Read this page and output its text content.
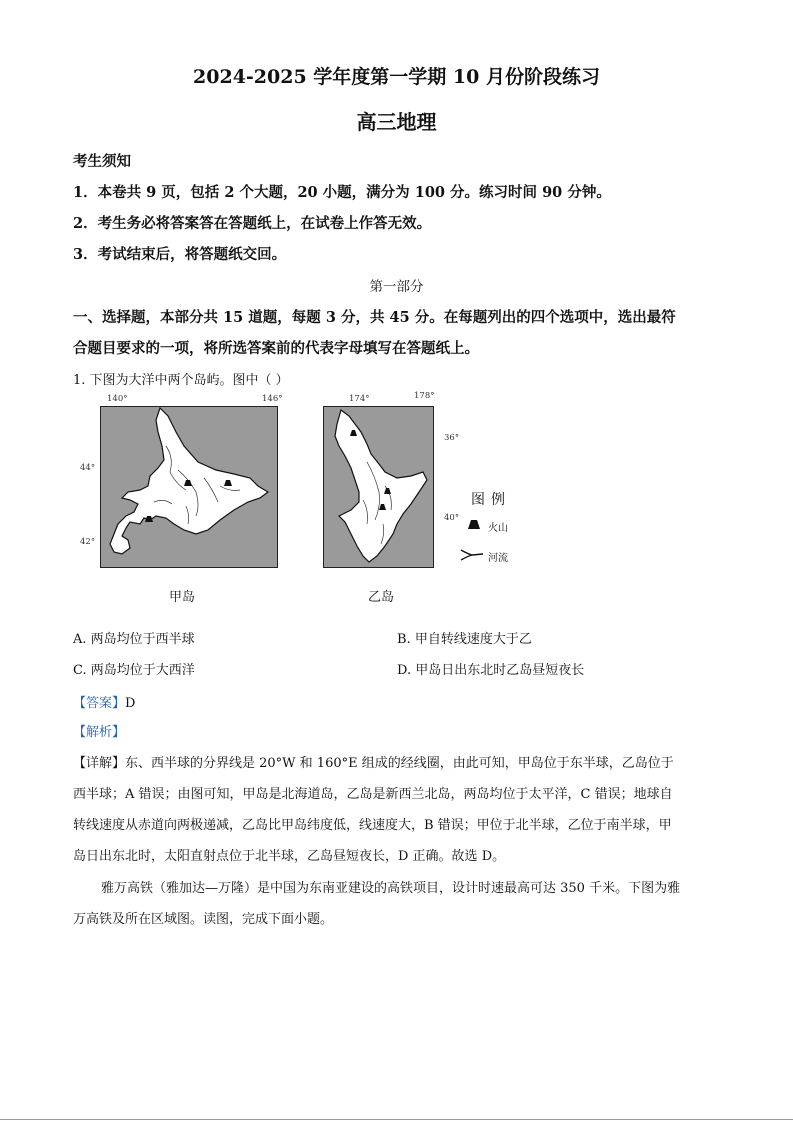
2024-2025 学年度第一学期 10 月份阶段练习
高三地理
考生须知
1．本卷共 9 页，包括 2 个大题，20 小题，满分为 100 分。练习时间 90 分钟。
2．考生务必将答案答在答题纸上，在试卷上作答无效。
3．考试结束后，将答题纸交回。
第一部分
一、选择题，本部分共 15 道题，每题 3 分，共 45 分。在每题列出的四个选项中，选出最符
合题目要求的一项，将所选答案前的代表字母填写在答题纸上。
1. 下图为大洋中两个岛屿。图中（ ）
140°	146°
44°
42°
甲岛
174°	178°
36°
40°
乙岛
图例
火山
河流
A. 两岛均位于西半球	B. 甲自转线速度大于乙
C. 两岛均位于大西洋	D. 甲岛日出东北时乙岛昼短夜长
【答案】D
【解析】
【详解】东、西半球的分界线是 20°W 和 160°E 组成的经线圈，由此可知，甲岛位于东半球，乙岛位于
西半球；A 错误；由图可知，甲岛是北海道岛，乙岛是新西兰北岛，两岛均位于太平洋，C 错误；地球自
转线速度从赤道向两极递减，乙岛比甲岛纬度低，线速度大，B 错误；甲位于北半球，乙位于南半球，甲
岛日出东北时，太阳直射点位于北半球，乙岛昼短夜长，D 正确。故选 D。
雅万高铁（雅加达—万隆）是中国为东南亚建设的高铁项目，设计时速最高可达 350 千米。下图为雅
万高铁及所在区域图。读图，完成下面小题。
